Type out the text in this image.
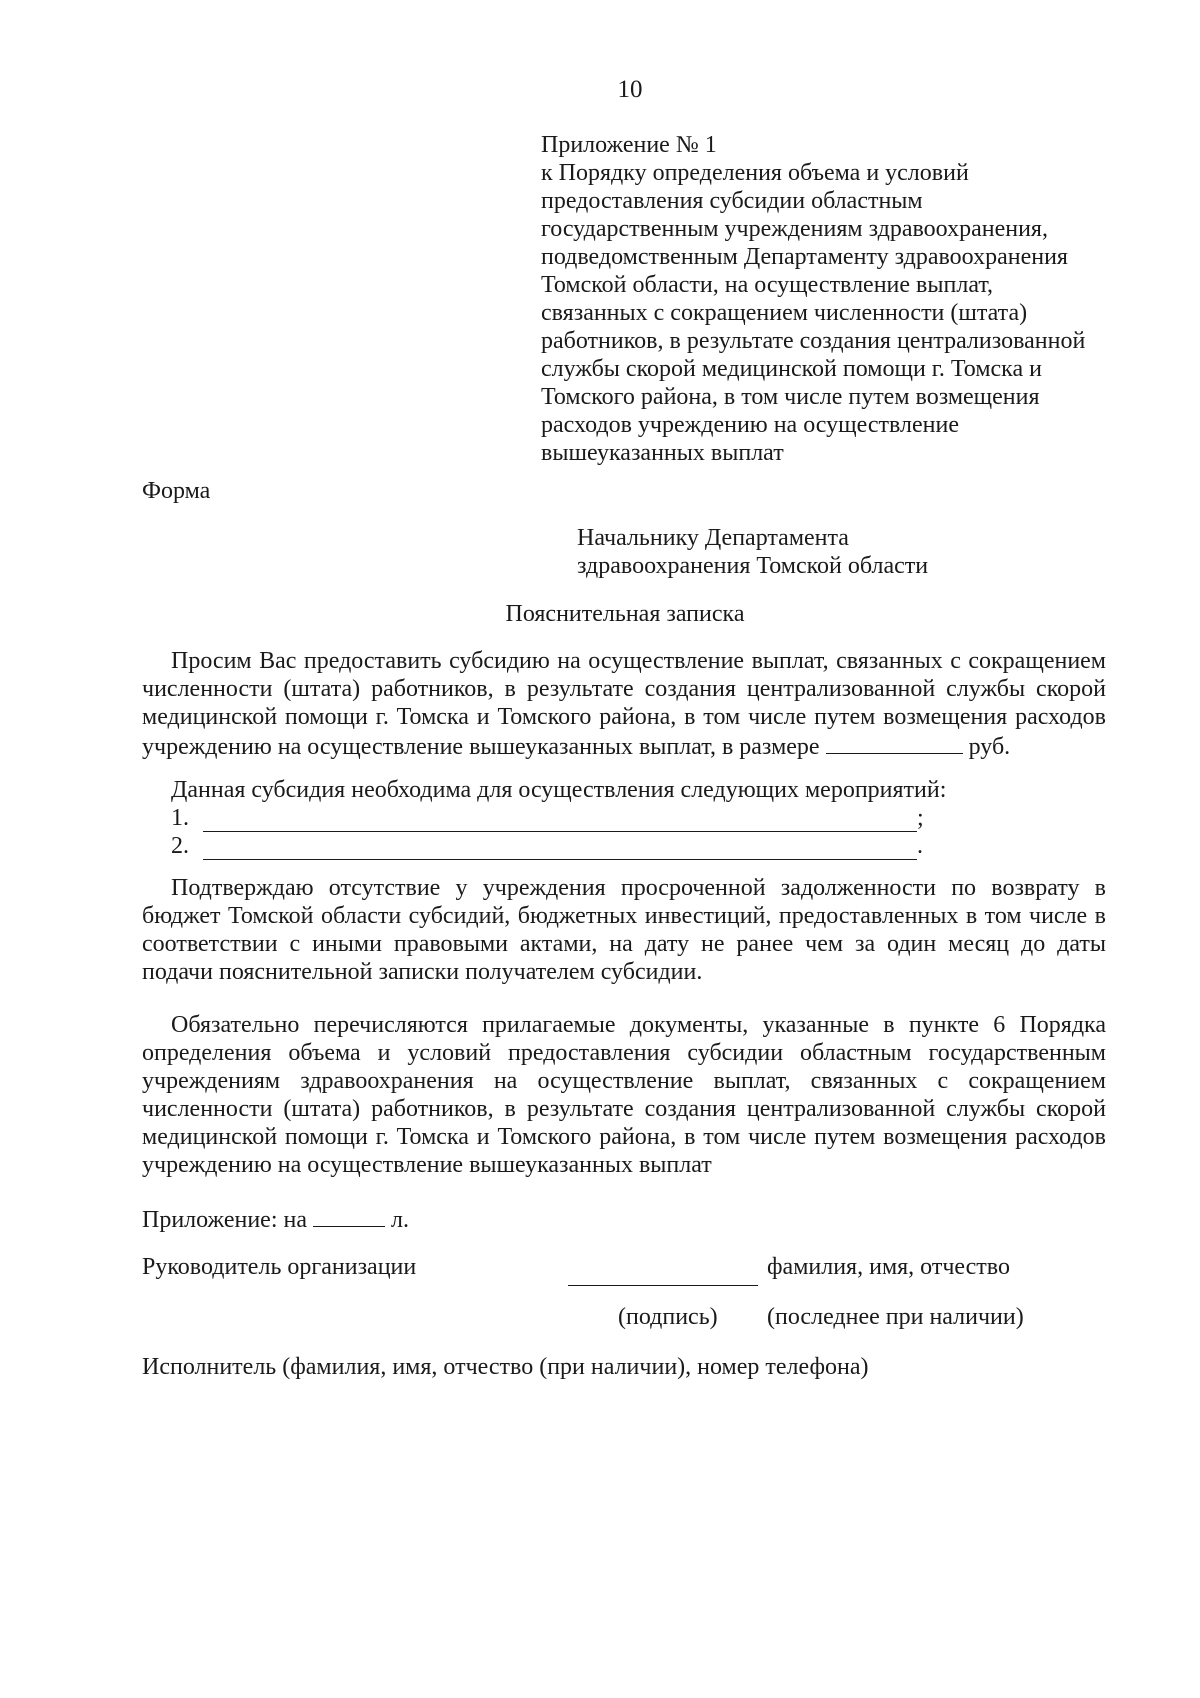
10
Приложение № 1
к Порядку определения объема и условий
предоставления субсидии областным
государственным учреждениям здравоохранения,
подведомственным Департаменту здравоохранения
Томской области, на осуществление выплат,
связанных с сокращением численности (штата)
работников, в результате создания централизованной
службы скорой медицинской помощи г. Томска и
Томского района, в том числе путем возмещения
расходов учреждению на осуществление
вышеуказанных выплат
Форма
Начальнику Департамента
здравоохранения Томской области
Пояснительная записка
Просим Вас предоставить субсидию на осуществление выплат, связанных с сокращением
численности (штата) работников, в результате создания централизованной службы скорой
медицинской помощи г. Томска и Томского района, в том числе путем возмещения расходов
учреждению на осуществление вышеуказанных выплат, в размере	руб.
Данная субсидия необходима для осуществления следующих мероприятий:
1.	;
2.	.
Подтверждаю отсутствие у учреждения просроченной задолженности по возврату в
бюджет Томской области субсидий, бюджетных инвестиций, предоставленных в том числе в
соответствии с иными правовыми актами, на дату не ранее чем за один месяц до даты
подачи пояснительной записки получателем субсидии.
Обязательно перечисляются прилагаемые документы, указанные в пункте 6 Порядка
определения объема и условий предоставления субсидии областным государственным
учреждениям здравоохранения на осуществление выплат, связанных с сокращением
численности (штата) работников, в результате создания централизованной службы скорой
медицинской помощи г. Томска и Томского района, в том числе путем возмещения расходов
учреждению на осуществление вышеуказанных выплат
Приложение: на	л.
Руководитель организации	фамилия, имя, отчество
(подпись) (последнее при наличии)
Исполнитель (фамилия, имя, отчество (при наличии), номер телефона)
